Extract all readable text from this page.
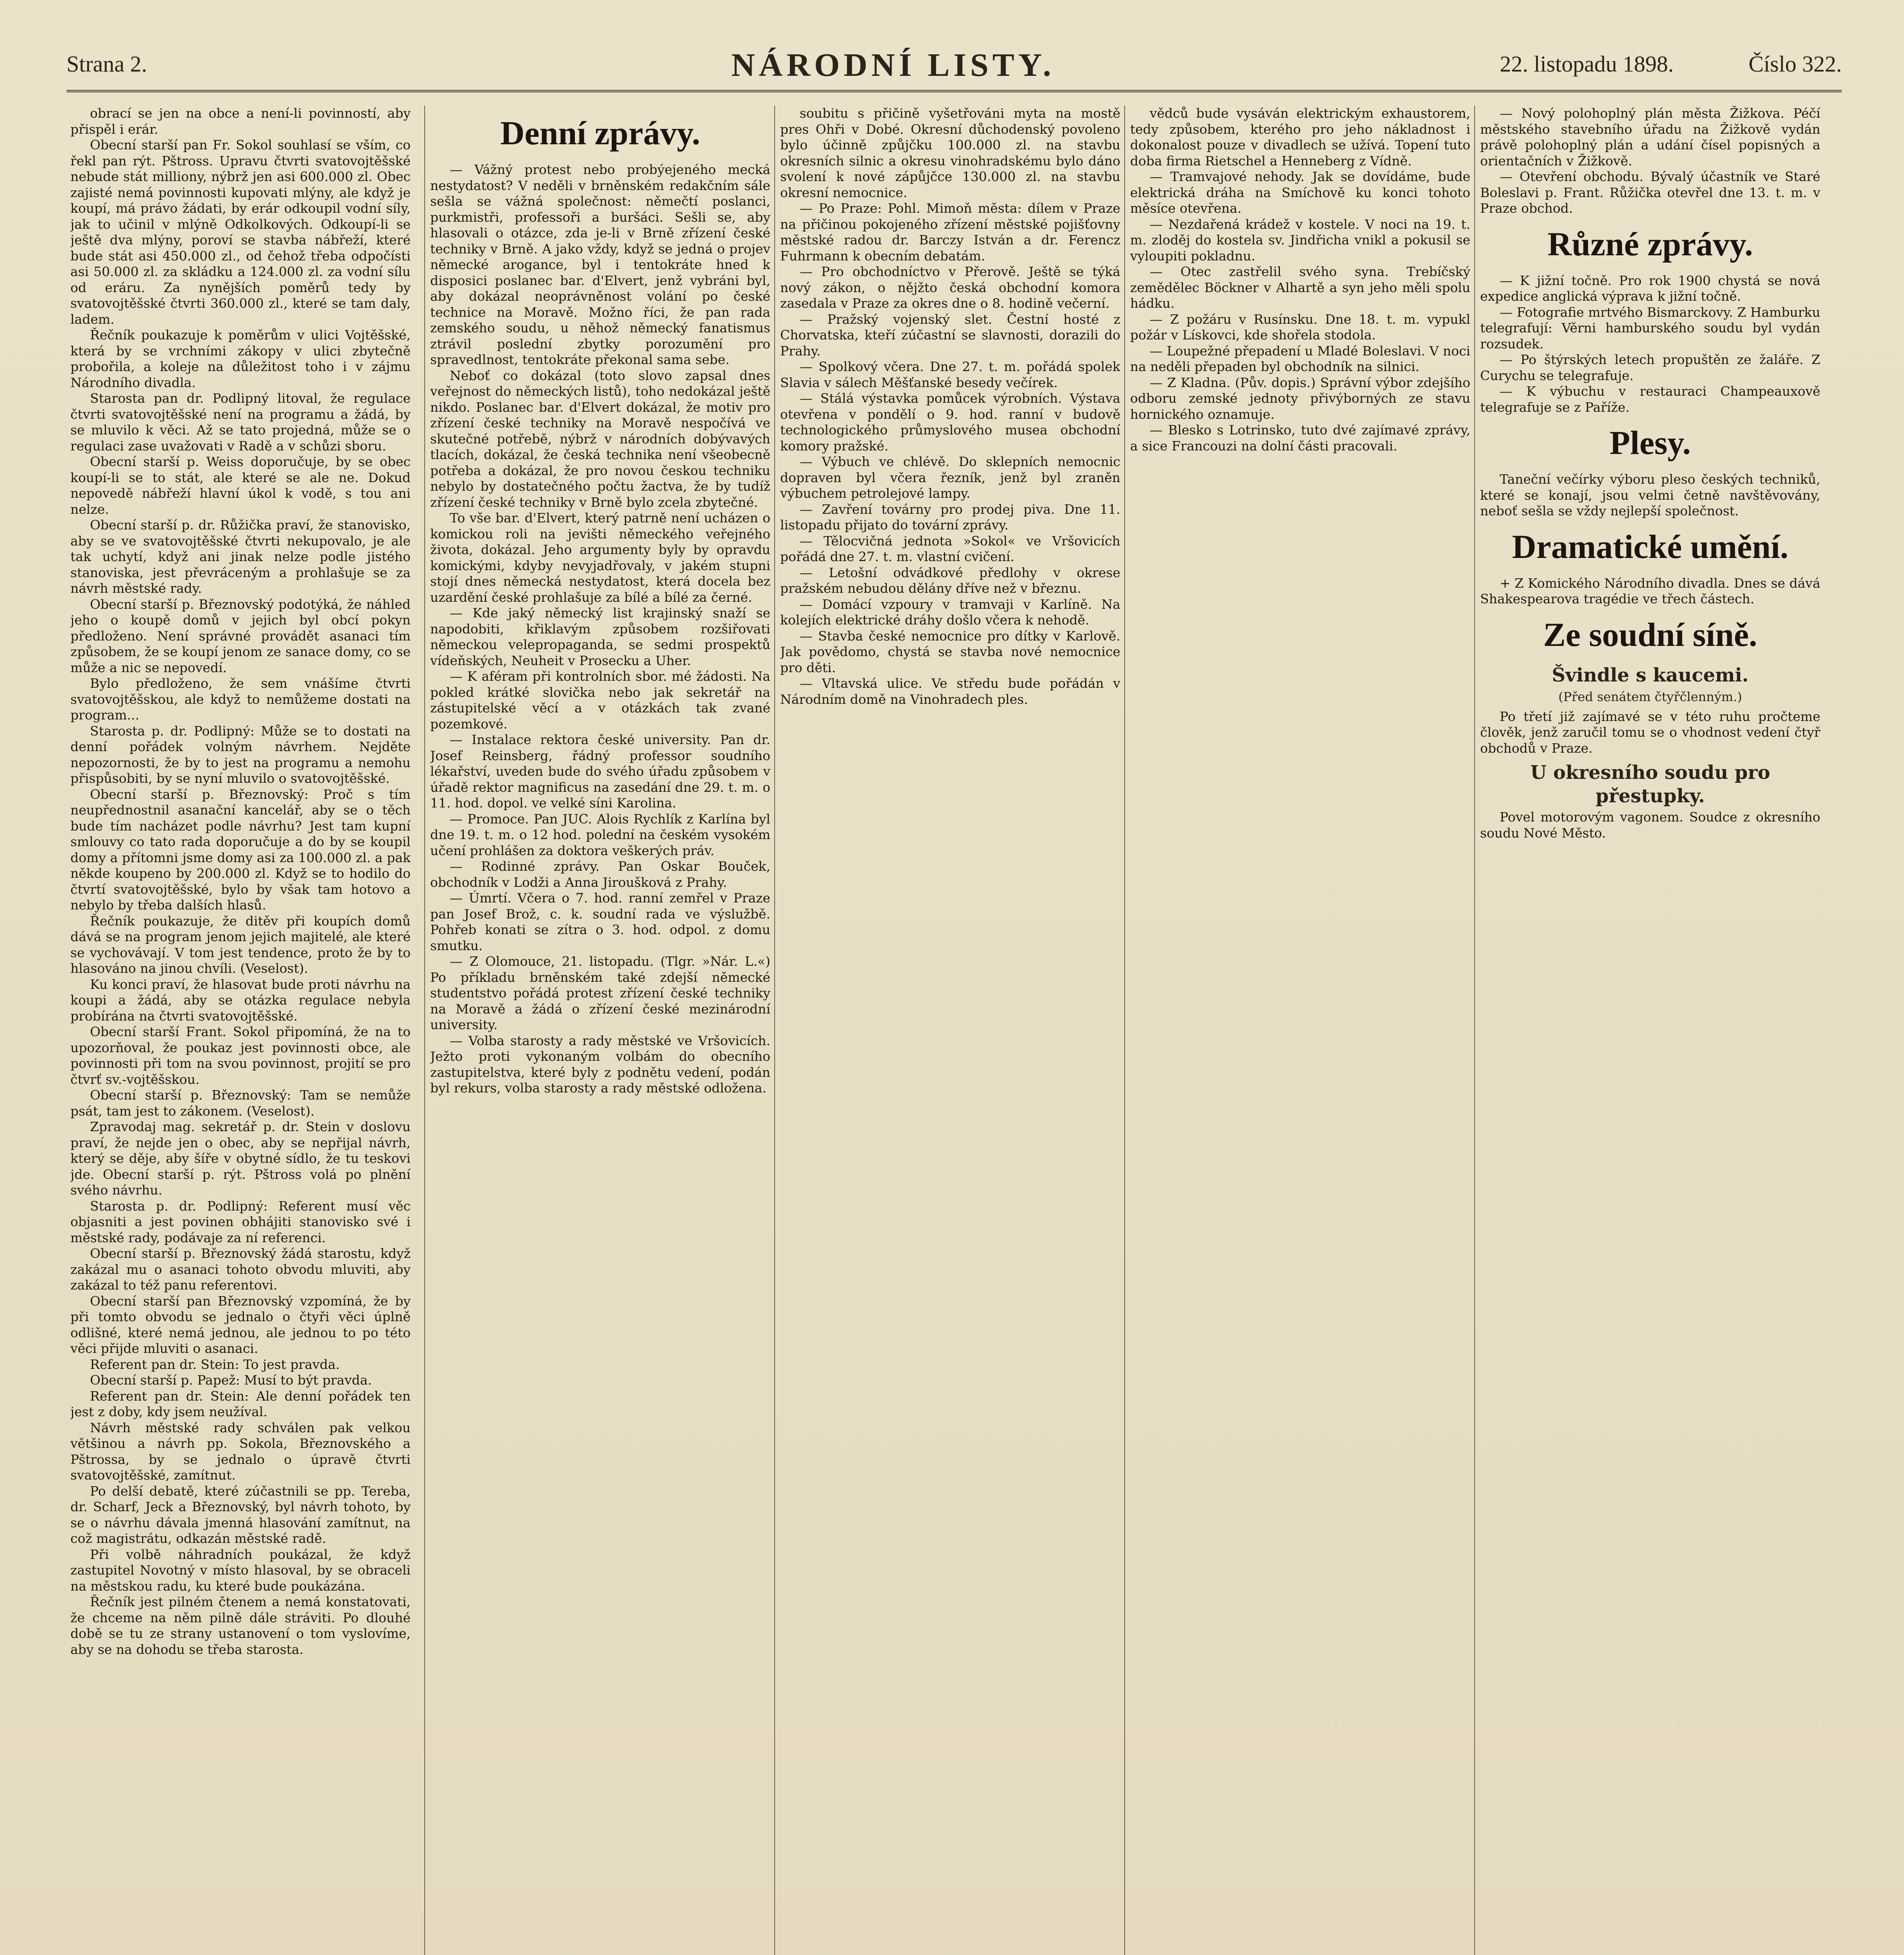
Strana 2.	NÁRODNÍ LISTY.	22. listopadu 1898.	Číslo 322.

obrací se jen na obce a není-li povinností, aby přispěl i erár.

Obecní starší pan Fr. Sokol souhlasí se vším, co řekl pan rýt. Pštross. Upravu čtvrti svatovojtěšské nebude stát milliony, nýbrž jen asi 600.000 zl. Obec zajisté nemá povinnosti kupovati mlýny, ale když je koupí, má právo žádati, by erár odkoupil vodní síly, jak to učinil v mlýně Odkolkových. Odkoupí-li se ještě dva mlýny, poroví se stavba nábřeží, které bude stát asi 450.000 zl., od čehož třeba odpočísti asi 50.000 zl. za skládku a 124.000 zl. za vodní sílu od eráru. Za nynějších poměrů tedy by svatovojtěšské čtvrti 360.000 zl., které se tam daly, ladem.

Řečník poukazuje k poměrům v ulici Vojtěšské, která by se vrchními zákopy v ulici zbytečně probořila, a koleje na důležitost toho i v zájmu Národního divadla.

Starosta pan dr. Podlipný litoval, že regulace čtvrti svatovojtěšské není na programu a žádá, by se mluvilo k věci. Až se tato projedná, může se o regulaci zase uvažovati v Radě a v schůzi sboru.

Obecní starší p. Weiss doporučuje, by se obec koupí-li se to stát, ale které se ale ne. Dokud nepovedě nábřeží hlavní úkol k vodě, s tou ani nelze.

Obecní starší p. dr. Růžička praví, že stanovisko, aby se ve svatovojtěšské čtvrti nekupovalo, je ale tak uchytí, když ani jinak nelze podle jistého stanoviska, jest převráceným a prohlašuje se za návrh městské rady.

Obecní starší p. Březnovský podotýká, že náhled jeho o koupě domů v jejich byl obcí pokyn předloženo. Není správné provádět asanaci tím způsobem, že se koupí jenom ze sanace domy, co se může a nic se nepovedí.

Bylo předloženo, že sem vnášíme čtvrti svatovojtěšskou, ale když to nemůžeme dostati na program...

Starosta p. dr. Podlipný: Může se to dostati na denní pořádek volným návrhem. Nejděte nepozornosti, že by to jest na programu a nemohu přispůsobiti, by se nyní mluvilo o svatovojtěšské.

Obecní starší p. Březnovský: Proč s tím neupřednostnil asanační kancelář, aby se o těch bude tím nacházet podle návrhu? Jest tam kupní smlouvy co tato rada doporučuje a do by se koupil domy a přítomni jsme domy asi za 100.000 zl. a pak někde koupeno by 200.000 zl. Když se to hodilo do čtvrtí svatovojtěšské, bylo by však tam hotovo a nebylo by třeba dalších hlasů.

Řečník poukazuje, že ditěv při koupích domů dává se na program jenom jejich majitelé, ale které se vychovávají. V tom jest tendence, proto že by to hlasováno na jinou chvíli. (Veselost).

Ku konci praví, že hlasovat bude proti návrhu na koupi a žádá, aby se otázka regulace nebyla probírána na čtvrti svatovojtěšské.

Obecní starší Frant. Sokol připomíná, že na to upozorňoval, že poukaz jest povinnosti obce, ale povinnosti při tom na svou povinnost, projití se pro čtvrť sv.-vojtěšskou.

Obecní starší p. Březnovský: Tam se nemůže psát, tam jest to zákonem. (Veselost).

Zpravodaj mag. sekretář p. dr. Stein v doslovu praví, že nejde jen o obec, aby se nepřijal návrh, který se děje, aby šíře v obytné sídlo, že tu teskovi jde. Obecní starší p. rýt. Pštross volá po plnění svého návrhu.

Starosta p. dr. Podlipný: Referent musí věc objasniti a jest povinen obhájiti stanovisko své i městské rady, podávaje za ní referenci.

Obecní starší p. Březnovský žádá starostu, když zakázal mu o asanaci tohoto obvodu mluviti, aby zakázal to též panu referentovi.

Obecní starší pan Březnovský vzpomíná, že by při tomto obvodu se jednalo o čtyři věci úplně odlišné, které nemá jednou, ale jednou to po této věci přijde mluviti o asanaci.

Referent pan dr. Stein: To jest pravda.

Obecní starší p. Papež: Musí to být pravda.

Referent pan dr. Stein: Ale denní pořádek ten jest z doby, kdy jsem neužíval.

Návrh městské rady schválen pak velkou většinou a návrh pp. Sokola, Březnovského a Pštrossa, by se jednalo o úpravě čtvrti svatovojtěšské, zamítnut.

Po delší debatě, které zúčastnili se pp. Tereba, dr. Scharf, Jeck a Březnovský, byl návrh tohoto, by se o návrhu dávala jmenná hlasování zamítnut, na což magistrátu, odkazán městské radě.

Při volbě náhradních poukázal, že když zastupitel Novotný v místo hlasoval, by se obraceli na městskou radu, ku které bude poukázána.

Řečník jest pilném čtenem a nemá konstatovati, že chceme na něm pilně dále stráviti. Po dlouhé době se tu ze strany ustanovení o tom vyslovíme, aby se na dohodu se třeba starosta.

Denní zprávy.

— Vážný protest nebo probýejeného mecká nestydatost? V neděli v brněnském redakčním sále sešla se vážná společnost: němečtí poslanci, purkmistři, professoři a buršáci. Sešli se, aby hlasovali o otázce, zda je-li v Brně zřízení české techniky v Brně. A jako vždy, když se jedná o projev německé arogance, byl i tentokráte hned k disposici poslanec bar. d'Elvert, jenž vybráni byl, aby dokázal neoprávněnost volání po české technice na Moravě. Možno říci, že pan rada zemského soudu, u něhož německý fanatismus ztrávil poslední zbytky porozumění pro spravedlnost, tentokráte překonal sama sebe.

Neboť co dokázal (toto slovo zapsal dnes veřejnost do německých listů), toho nedokázal ještě nikdo. Poslanec bar. d'Elvert dokázal, že motiv pro zřízení české techniky na Moravě nespočívá ve skutečné potřebě, nýbrž v národních dobývavých tlacích, dokázal, že česká technika není všeobecně potřeba a dokázal, že pro novou českou techniku nebylo by dostatečného počtu žactva, že by tudíž zřízení české techniky v Brně bylo zcela zbytečné.

To vše bar. d'Elvert, který patrně není ucházen o komickou roli na jevišti německého veřejného života, dokázal. Jeho argumenty byly by opravdu komickými, kdyby nevyjadřovaly, v jakém stupni stojí dnes německá nestydatost, která docela bez uzardění české prohlašuje za bílé a bílé za černé.

— Kde jaký německý list krajinský snaží se napodobiti, křiklavým způsobem rozšiřovati německou velepropaganda, se sedmi prospektů vídeňských, Neuheit v Prosecku a Uher.

— K aféram při kontrolních sbor. mé žádosti. Na pokled krátké slovička nebo jak sekretář na zástupitelské věcí a v otázkách tak zvané pozemkové.

— Instalace rektora české university. Pan dr. Josef Reinsberg, řádný professor soudního lékařství, uveden bude do svého úřadu způsobem v úřadě rektor magnificus na zasedání dne 29. t. m. o 11. hod. dopol. ve velké síni Karolina.

— Promoce. Pan JUC. Alois Rychlík z Karlína byl dne 19. t. m. o 12 hod. polední na českém vysokém učení prohlášen za doktora veškerých práv.

— Rodinné zprávy. Pan Oskar Bouček, obchodník v Lodži a Anna Jiroušková z Prahy.

— Úmrtí. Včera o 7. hod. ranní zemřel v Praze pan Josef Brož, c. k. soudní rada ve výslužbě. Pohřeb konati se zítra o 3. hod. odpol. z domu smutku.

— Z Olomouce, 21. listopadu. (Tlgr. »Nár. L.«) Po příkladu brněnském také zdejší německé studentstvo pořádá protest zřízení české techniky na Moravě a žádá o zřízení české mezinárodní university.

— Volba starosty a rady městské ve Vršovicích. Ježto proti vykonaným volbám do obecního zastupitelstva, které byly z podnětu vedení, podán byl rekurs, volba starosty a rady městské odložena.

soubitu s přičině vyšetřováni myta na mostě pres Ohři v Dobé. Okresní důchodenský povoleno bylo účinně způjčku 100.000 zl. na stavbu okresních silnic a okresu vinohradskému bylo dáno svolení k nové zápůjčce 130.000 zl. na stavbu okresní nemocnice.

— Po Praze: Pohl. Mimoň města: dílem v Praze na přičinou pokojeného zřízení městské pojišťovny městské radou dr. Barczy István a dr. Ferencz Fuhrmann k obecním debatám.

— Pro obchodníctvo v Přerově. Ještě se týká nový zákon, o nějžto česká obchodní komora zasedala v Praze za okres dne o 8. hodině večerní.

— Pražský vojenský slet. Čestní hosté z Chorvatska, kteří zúčastní se slavnosti, dorazili do Prahy.

— Spolkový včera. Dne 27. t. m. pořádá spolek Slavia v sálech Měšťanské besedy večírek.

— Stálá výstavka pomůcek výrobních. Výstava otevřena v pondělí o 9. hod. ranní v budově technologického průmyslového musea obchodní komory pražské.

— Výbuch ve chlévě. Do sklepních nemocnic dopraven byl včera řezník, jenž byl zraněn výbuchem petrolejové lampy.

— Zavření továrny pro prodej piva. Dne 11. listopadu přijato do tovární zprávy.

— Tělocvičná jednota »Sokol« ve Vršovicích pořádá dne 27. t. m. vlastní cvičení.

— Letošní odvádkové předlohy v okrese pražském nebudou dělány dříve než v březnu.

— Domácí vzpoury v tramvaji v Karlíně. Na kolejích elektrické dráhy došlo včera k nehodě.

— Stavba české nemocnice pro dítky v Karlově. Jak povědomo, chystá se stavba nové nemocnice pro děti.

— Vltavská ulice. Ve středu bude pořádán v Národním domě na Vinohradech ples.

vědců bude vysáván elektrickým exhaustorem, tedy způsobem, kterého pro jeho nákladnost i dokonalost pouze v divadlech se užívá. Topení tuto doba firma Rietschel a Henneberg z Vídně.

— Tramvajové nehody. Jak se dovídáme, bude elektrická dráha na Smíchově ku konci tohoto měsíce otevřena.

— Nezdařená krádež v kostele. V noci na 19. t. m. zloděj do kostela sv. Jindřicha vnikl a pokusil se vyloupiti pokladnu.

— Otec zastřelil svého syna. Trebíčský zemědělec Böckner v Alhartě a syn jeho měli spolu hádku.

— Z požáru v Rusínsku. Dne 18. t. m. vypukl požár v Lískovci, kde shořela stodola.

— Loupežné přepadení u Mladé Boleslavi. V noci na neděli přepaden byl obchodník na silnici.

— Z Kladna. (Pův. dopis.) Správní výbor zdejšího odboru zemské jednoty přivýborných ze stavu hornického oznamuje.

— Blesko s Lotrinsko, tuto dvé zajímavé zprávy, a sice Francouzi na dolní části pracovali.

— Nový polohoplný plán města Žižkova. Péčí městského stavebního úřadu na Žižkově vydán právě polohoplný plán a udání čísel popisných a orientačních v Žižkově.

— Otevření obchodu. Bývalý účastník ve Staré Boleslavi p. Frant. Růžička otevřel dne 13. t. m. v Praze obchod.

Různé zprávy.

— K jižní točně. Pro rok 1900 chystá se nová expedice anglická výprava k jižní točně.

— Fotografie mrtvého Bismarckovy. Z Hamburku telegrafují: Věrni hamburského soudu byl vydán rozsudek.

— Po štýrských letech propuštěn ze žaláře. Z Curychu se telegrafuje.

— K výbuchu v restauraci Champeauxově telegrafuje se z Paříže.

Plesy.

Taneční večírky výboru pleso českých techniků, které se konají, jsou velmi četně navštěvovány, neboť sešla se vždy nejlepší společnost.

Dramatické umění.

+ Z Komického Národního divadla. Dnes se dává Shakespearova tragédie ve třech částech.

Ze soudní síně.
Švindle s kaucemi.
(Před senátem čtyřčlenným.)

Po třetí již zajímavé se v této ruhu pročteme člověk, jenž zaručil tomu se o vhodnost vedení čtyř obchodů v Praze.

U okresního soudu pro přestupky.

Povel motorovým vagonem. Soudce z okresního soudu Nové Město.
